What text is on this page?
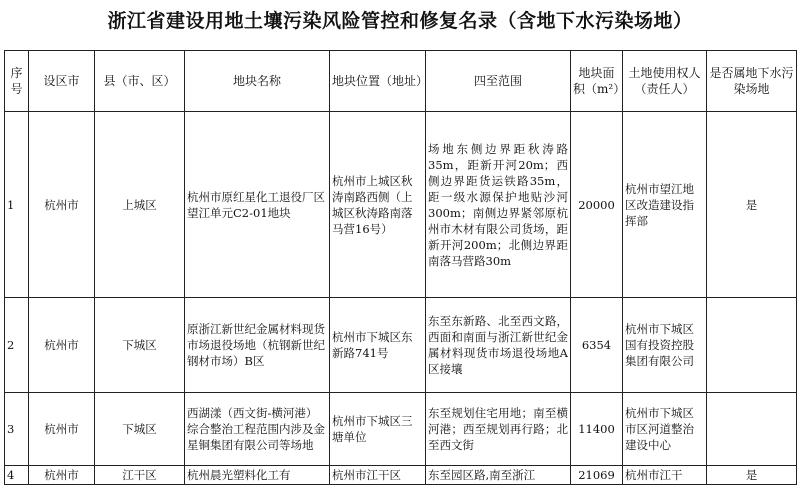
浙江省建设用地土壤污染风险管控和修复名录（含地下水污染场地）
序号	设区市	县（市、区）	地块名称	地块位置（地址）	四至范围	地块面积（m²）	土地使用权人（责任人）	是否属地下水污染场地
1	杭州市	上城区	杭州市原红星化工退役厂区望江单元C2-01地块	杭州市上城区秋涛南路西侧（上城区秋涛路南落马营16号）	场地东侧边界距秋涛路35m，距新开河20m；西侧边界距货运铁路35m，距一级水源保护地贴沙河300m；南侧边界紧邻原杭州市木材有限公司货场，距新开河200m；北侧边界距南落马营路30m	20000	杭州市望江地区改造建设指挥部	是
2	杭州市	下城区	原浙江新世纪金属材料现货市场退役场地（杭钢新世纪钢材市场）B区	杭州市下城区东新路741号	东至东新路、北至西文路，西面和南面与浙江新世纪金属材料现货市场退役场地A区接壤	6354	杭州市下城区国有投资控股集团有限公司	
3	杭州市	下城区	西湖漾（西文街-横河港）综合整治工程范围内涉及金星铜集团有限公司等场地	杭州市下城区三塘单位	东至规划住宅用地；南至横河港；西至规划再行路；北至西文街	11400	杭州市下城区市区河道整治建设中心	
4	杭州市	江干区	杭州晨光塑料化工有	杭州市江干区	东至园区路,南至浙江	21069	杭州市江干	是
